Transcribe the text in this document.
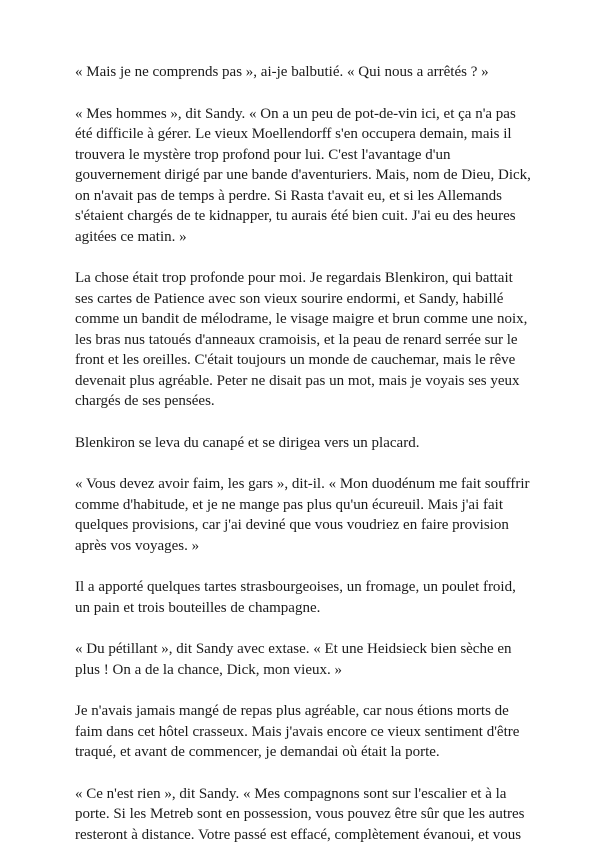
« Mais je ne comprends pas », ai-je balbutié. « Qui nous a arrêtés ? »

« Mes hommes », dit Sandy. « On a un peu de pot-de-vin ici, et ça n'a pas
été difficile à gérer. Le vieux Moellendorff s'en occupera demain, mais il
trouvera le mystère trop profond pour lui. C'est l'avantage d'un
gouvernement dirigé par une bande d'aventuriers. Mais, nom de Dieu, Dick,
on n'avait pas de temps à perdre. Si Rasta t'avait eu, et si les Allemands
s'étaient chargés de te kidnapper, tu aurais été bien cuit. J'ai eu des heures
agitées ce matin. »

La chose était trop profonde pour moi. Je regardais Blenkiron, qui battait
ses cartes de Patience avec son vieux sourire endormi, et Sandy, habillé
comme un bandit de mélodrame, le visage maigre et brun comme une noix,
les bras nus tatoués d'anneaux cramoisis, et la peau de renard serrée sur le
front et les oreilles. C'était toujours un monde de cauchemar, mais le rêve
devenait plus agréable. Peter ne disait pas un mot, mais je voyais ses yeux
chargés de ses pensées.

Blenkiron se leva du canapé et se dirigea vers un placard.

« Vous devez avoir faim, les gars », dit-il. « Mon duodénum me fait souffrir
comme d'habitude, et je ne mange pas plus qu'un écureuil. Mais j'ai fait
quelques provisions, car j'ai deviné que vous voudriez en faire provision
après vos voyages. »

Il a apporté quelques tartes strasbourgeoises, un fromage, un poulet froid,
un pain et trois bouteilles de champagne.

« Du pétillant », dit Sandy avec extase. « Et une Heidsieck bien sèche en
plus ! On a de la chance, Dick, mon vieux. »

Je n'avais jamais mangé de repas plus agréable, car nous étions morts de
faim dans cet hôtel crasseux. Mais j'avais encore ce vieux sentiment d'être
traqué, et avant de commencer, je demandai où était la porte.

« Ce n'est rien », dit Sandy. « Mes compagnons sont sur l'escalier et à la
porte. Si les Metreb sont en possession, vous pouvez être sûr que les autres
resteront à distance. Votre passé est effacé, complètement évanoui, et vous
